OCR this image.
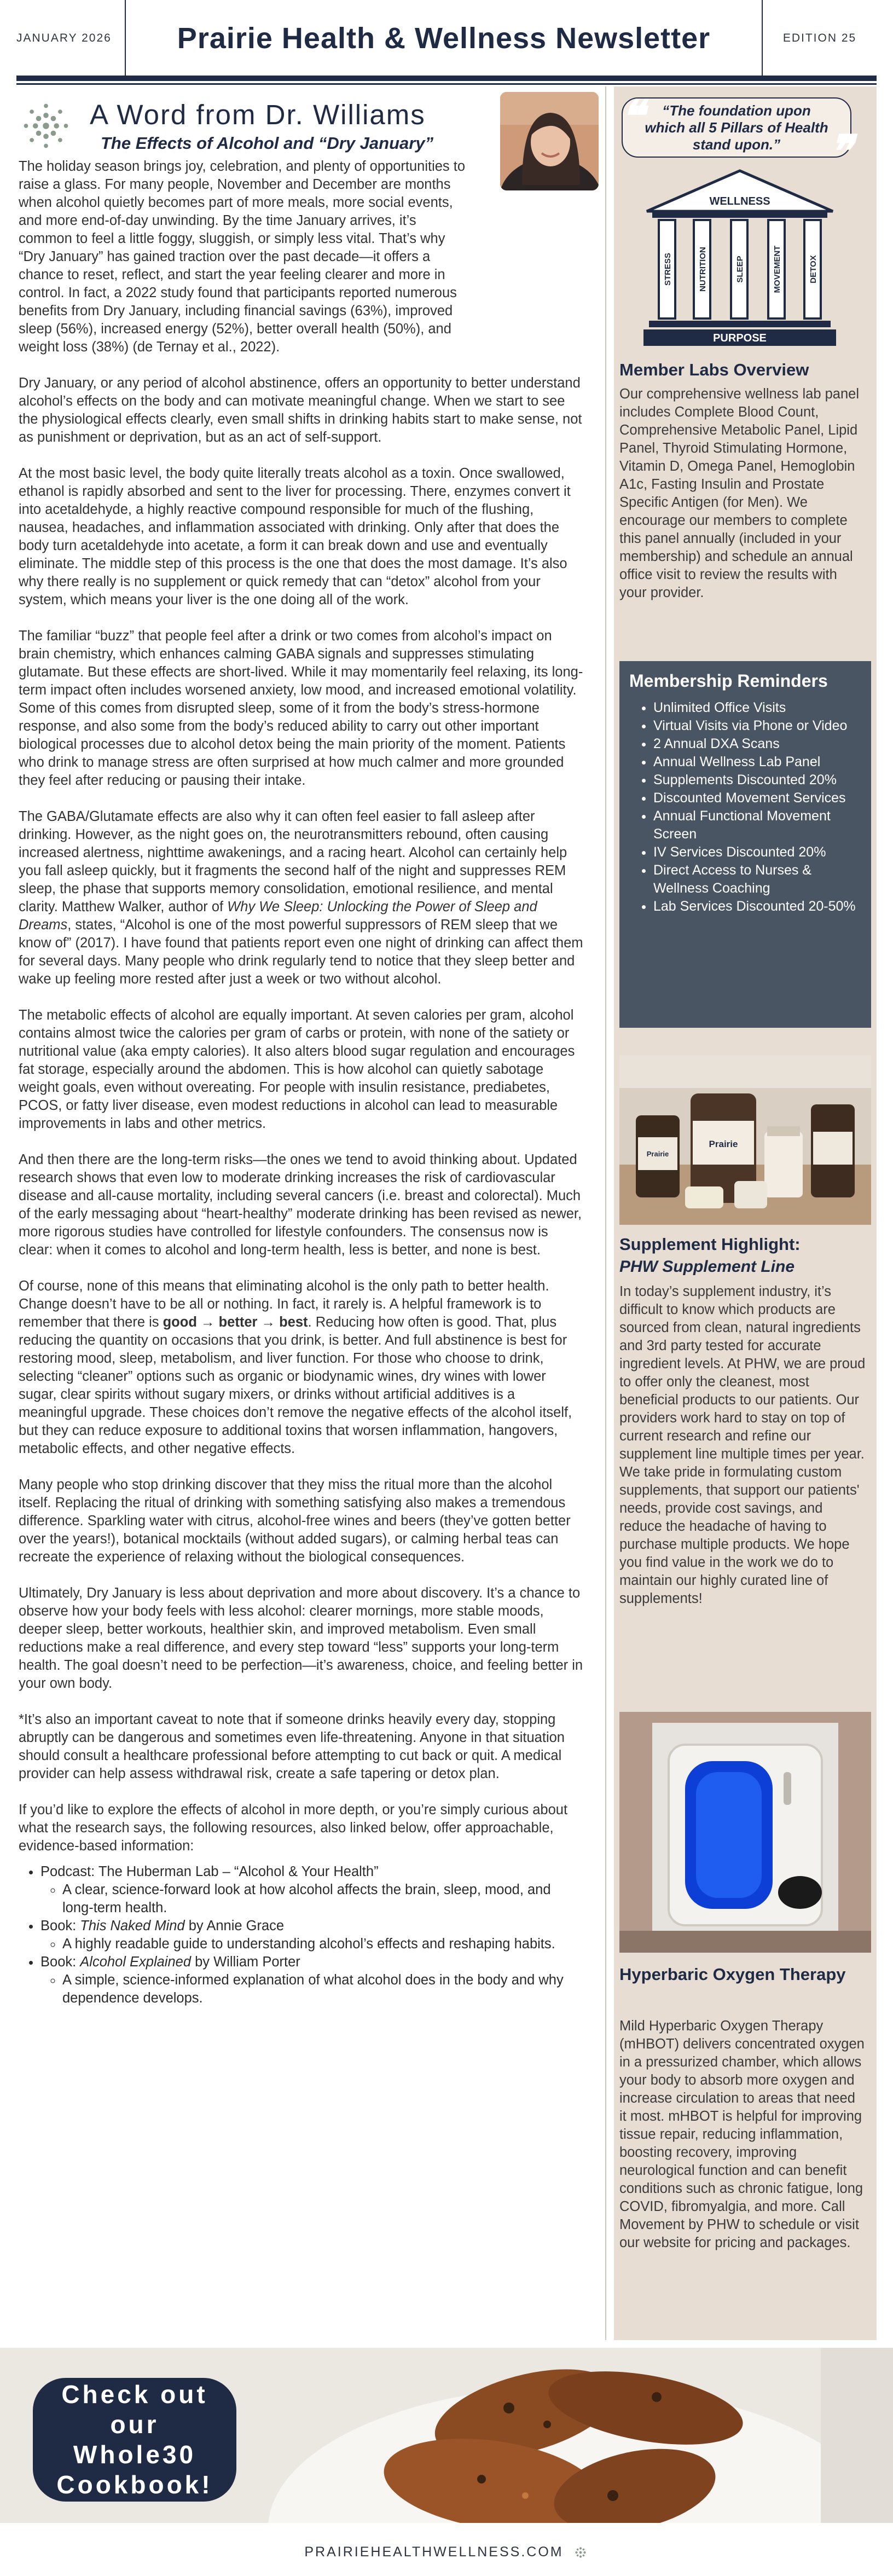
JANUARY 2026	Prairie Health & Wellness Newsletter	EDITION 25
A Word from Dr. Williams
The Effects of Alcohol and “Dry January”

The holiday season brings joy, celebration, and plenty of opportunities to raise a glass. For many people, November and December are months when alcohol quietly becomes part of more meals, more social events, and more end-of-day unwinding. By the time January arrives, it’s common to feel a little foggy, sluggish, or simply less vital. That’s why “Dry January” has gained traction over the past decade—it offers a chance to reset, reflect, and start the year feeling clearer and more in control. In fact, a 2022 study found that participants reported numerous benefits from Dry January, including financial savings (63%), improved sleep (56%), increased energy (52%), better overall health (50%), and weight loss (38%) (de Ternay et al., 2022).

Dry January, or any period of alcohol abstinence, offers an opportunity to better understand alcohol’s effects on the body and can motivate meaningful change. When we start to see the physiological effects clearly, even small shifts in drinking habits start to make sense, not as punishment or deprivation, but as an act of self-support.

At the most basic level, the body quite literally treats alcohol as a toxin. Once swallowed, ethanol is rapidly absorbed and sent to the liver for processing. There, enzymes convert it into acetaldehyde, a highly reactive compound responsible for much of the flushing, nausea, headaches, and inflammation associated with drinking. Only after that does the body turn acetaldehyde into acetate, a form it can break down and use and eventually eliminate. The middle step of this process is the one that does the most damage. It’s also why there really is no supplement or quick remedy that can “detox” alcohol from your system, which means your liver is the one doing all of the work.

The familiar “buzz” that people feel after a drink or two comes from alcohol’s impact on brain chemistry, which enhances calming GABA signals and suppresses stimulating glutamate. But these effects are short-lived. While it may momentarily feel relaxing, its long-term impact often includes worsened anxiety, low mood, and increased emotional volatility. Some of this comes from disrupted sleep, some of it from the body’s stress-hormone response, and also some from the body’s reduced ability to carry out other important biological processes due to alcohol detox being the main priority of the moment. Patients who drink to manage stress are often surprised at how much calmer and more grounded they feel after reducing or pausing their intake.

The GABA/Glutamate effects are also why it can often feel easier to fall asleep after drinking. However, as the night goes on, the neurotransmitters rebound, often causing increased alertness, nighttime awakenings, and a racing heart. Alcohol can certainly help you fall asleep quickly, but it fragments the second half of the night and suppresses REM sleep, the phase that supports memory consolidation, emotional resilience, and mental clarity. Matthew Walker, author of Why We Sleep: Unlocking the Power of Sleep and Dreams, states, “Alcohol is one of the most powerful suppressors of REM sleep that we know of” (2017). I have found that patients report even one night of drinking can affect them for several days. Many people who drink regularly tend to notice that they sleep better and wake up feeling more rested after just a week or two without alcohol.

The metabolic effects of alcohol are equally important. At seven calories per gram, alcohol contains almost twice the calories per gram of carbs or protein, with none of the satiety or nutritional value (aka empty calories). It also alters blood sugar regulation and encourages fat storage, especially around the abdomen. This is how alcohol can quietly sabotage weight goals, even without overeating. For people with insulin resistance, prediabetes, PCOS, or fatty liver disease, even modest reductions in alcohol can lead to measurable improvements in labs and other metrics.

And then there are the long-term risks—the ones we tend to avoid thinking about. Updated research shows that even low to moderate drinking increases the risk of cardiovascular disease and all-cause mortality, including several cancers (i.e. breast and colorectal). Much of the early messaging about “heart-healthy” moderate drinking has been revised as newer, more rigorous studies have controlled for lifestyle confounders. The consensus now is clear: when it comes to alcohol and long-term health, less is better, and none is best.

Of course, none of this means that eliminating alcohol is the only path to better health. Change doesn’t have to be all or nothing. In fact, it rarely is. A helpful framework is to remember that there is good → better → best. Reducing how often is good. That, plus reducing the quantity on occasions that you drink, is better. And full abstinence is best for restoring mood, sleep, metabolism, and liver function. For those who choose to drink, selecting “cleaner” options such as organic or biodynamic wines, dry wines with lower sugar, clear spirits without sugary mixers, or drinks without artificial additives is a meaningful upgrade. These choices don’t remove the negative effects of the alcohol itself, but they can reduce exposure to additional toxins that worsen inflammation, hangovers, metabolic effects, and other negative effects.

Many people who stop drinking discover that they miss the ritual more than the alcohol itself. Replacing the ritual of drinking with something satisfying also makes a tremendous difference. Sparkling water with citrus, alcohol-free wines and beers (they’ve gotten better over the years!), botanical mocktails (without added sugars), or calming herbal teas can recreate the experience of relaxing without the biological consequences.

Ultimately, Dry January is less about deprivation and more about discovery. It’s a chance to observe how your body feels with less alcohol: clearer mornings, more stable moods, deeper sleep, better workouts, healthier skin, and improved metabolism. Even small reductions make a real difference, and every step toward “less” supports your long-term health. The goal doesn’t need to be perfection—it’s awareness, choice, and feeling better in your own body.

*It’s also an important caveat to note that if someone drinks heavily every day, stopping abruptly can be dangerous and sometimes even life-threatening. Anyone in that situation should consult a healthcare professional before attempting to cut back or quit. A medical provider can help assess withdrawal risk, create a safe tapering or detox plan.

If you’d like to explore the effects of alcohol in more depth, or you’re simply curious about what the research says, the following resources, also linked below, offer approachable, evidence-based information:

• Podcast: The Huberman Lab – “Alcohol & Your Health”
◦ A clear, science-forward look at how alcohol affects the brain, sleep, mood, and long-term health.
• Book: This Naked Mind by Annie Grace
◦ A highly readable guide to understanding alcohol’s effects and reshaping habits.
• Book: Alcohol Explained by William Porter
◦ A simple, science-informed explanation of what alcohol does in the body and why dependence develops.
❝	“The foundation upon which all 5 Pillars of Health stand upon.”	❞
WELLNESS
STRESS	NUTRITION	SLEEP	MOVEMENT	DETOX
PURPOSE
Member Labs Overview
Our comprehensive wellness lab panel includes Complete Blood Count, Comprehensive Metabolic Panel, Lipid Panel, Thyroid Stimulating Hormone, Vitamin D, Omega Panel, Hemoglobin A1c, Fasting Insulin and Prostate Specific Antigen (for Men). We encourage our members to complete this panel annually (included in your membership) and schedule an annual office visit to review the results with your provider.
Membership Reminders
• Unlimited Office Visits
• Virtual Visits via Phone or Video
• 2 Annual DXA Scans
• Annual Wellness Lab Panel
• Supplements Discounted 20%
• Discounted Movement Services
• Annual Functional Movement Screen
• IV Services Discounted 20%
• Direct Access to Nurses & Wellness Coaching
• Lab Services Discounted 20-50%
Prairie
Prairie
Supplement Highlight:
PHW Supplement Line
In today’s supplement industry, it’s difficult to know which products are sourced from clean, natural ingredients and 3rd party tested for accurate ingredient levels. At PHW, we are proud to offer only the cleanest, most beneficial products to our patients. Our providers work hard to stay on top of current research and refine our supplement line multiple times per year. We take pride in formulating custom supplements, that support our patients' needs, provide cost savings, and reduce the headache of having to purchase multiple products. We hope you find value in the work we do to maintain our highly curated line of supplements!
Hyperbaric Oxygen Therapy
Mild Hyperbaric Oxygen Therapy (mHBOT) delivers concentrated oxygen in a pressurized chamber, which allows your body to absorb more oxygen and increase circulation to areas that need it most. mHBOT is helpful for improving tissue repair, reducing inflammation, boosting recovery, improving neurological function and can benefit conditions such as chronic fatigue, long COVID, fibromyalgia, and more. Call Movement by PHW to schedule or visit our website for pricing and packages.
Check out our Whole30 Cookbook!
PRAIRIEHEALTHWELLNESS.COM
